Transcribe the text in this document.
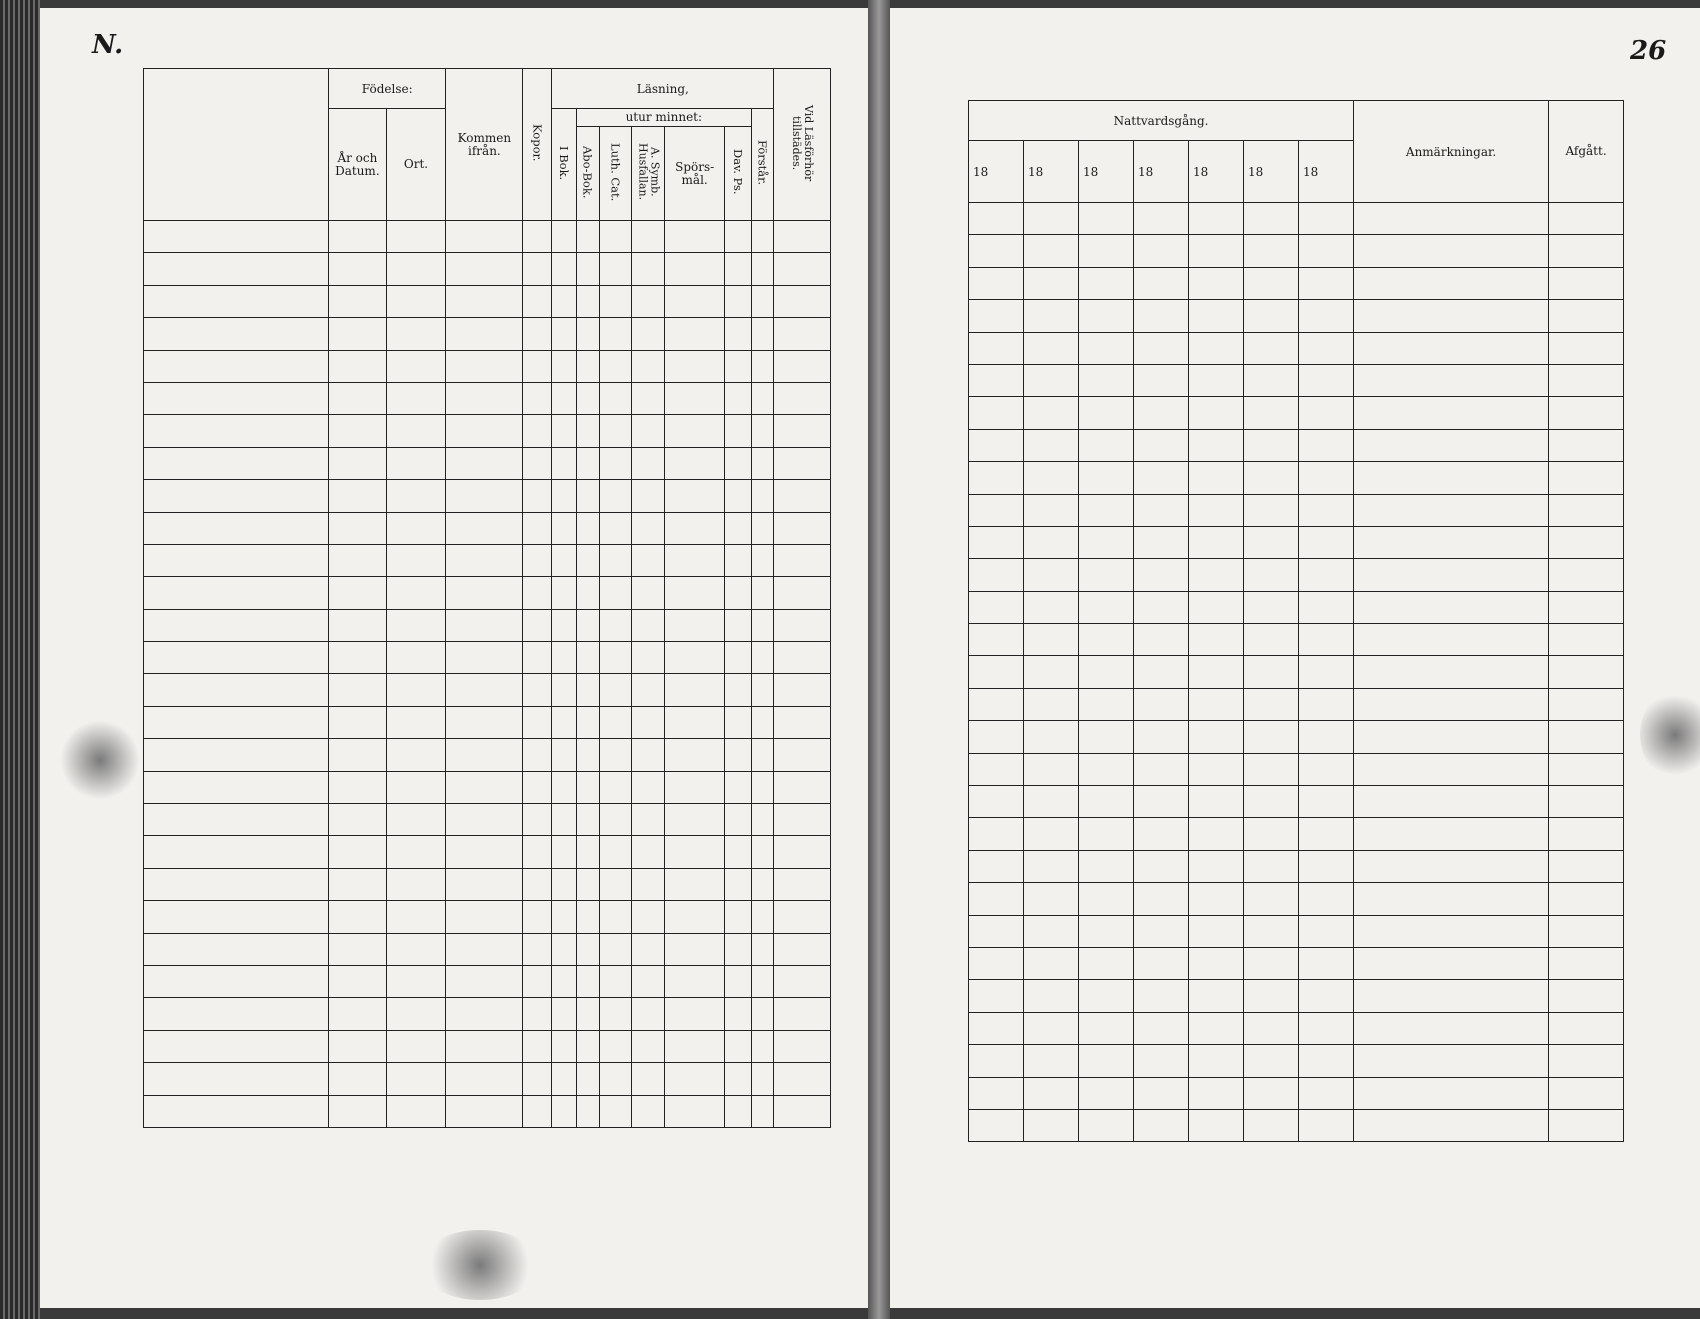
N.	26
	Födelse:		Kommen ifrån.	Kopor.	Läsning,							Vid Läsförhör tillstädes.
	År och Datum.	Ort.			I Bok.	utur minnet:					Förstår.	
						Abo-Bok.	Luth. Cat.	A. Symb. Husfallan.	Spörs-mål.	Dav. Ps.		

Nattvardsgång.							Anmärkningar.	Afgått.
18	18	18	18	18	18	18		
